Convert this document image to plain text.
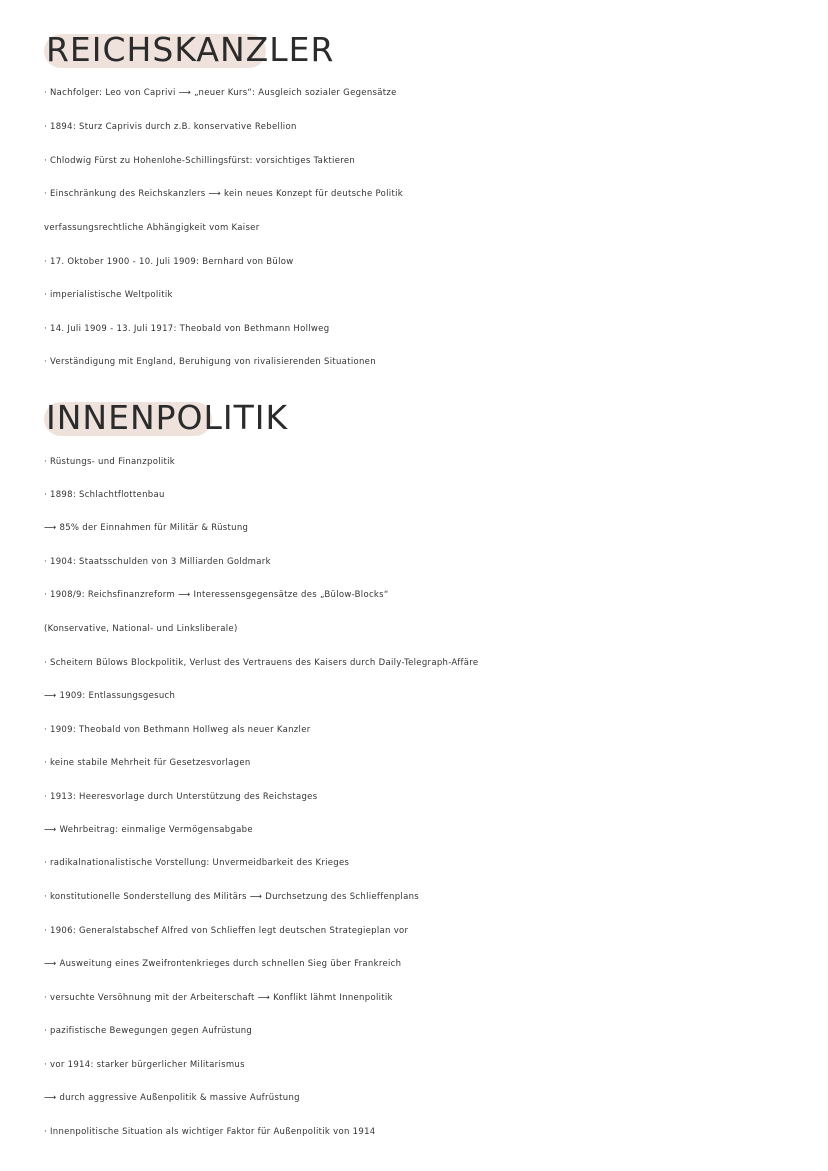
REICHSKANZLER
· Nachfolger: Leo von Caprivi ⟶ „neuer Kurs“: Ausgleich sozialer Gegensätze
· 1894: Sturz Caprivis durch z.B. konservative Rebellion
· Chlodwig Fürst zu Hohenlohe-Schillingsfürst: vorsichtiges Taktieren
· Einschränkung des Reichskanzlers ⟶ kein neues Konzept für deutsche Politik
verfassungsrechtliche Abhängigkeit vom Kaiser
· 17. Oktober 1900 - 10. Juli 1909: Bernhard von Bülow
· imperialistische Weltpolitik
· 14. Juli 1909 - 13. Juli 1917: Theobald von Bethmann Hollweg
· Verständigung mit England, Beruhigung von rivalisierenden Situationen
INNENPOLITIK
· Rüstungs- und Finanzpolitik
· 1898: Schlachtflottenbau
⟶ 85% der Einnahmen für Militär & Rüstung
· 1904: Staatsschulden von 3 Milliarden Goldmark
· 1908/9: Reichsfinanzreform ⟶ Interessensgegensätze des „Bülow-Blocks“
(Konservative, National- und Linksliberale)
· Scheitern Bülows Blockpolitik, Verlust des Vertrauens des Kaisers durch Daily-Telegraph-Affäre
⟶ 1909: Entlassungsgesuch
· 1909: Theobald von Bethmann Hollweg als neuer Kanzler
· keine stabile Mehrheit für Gesetzesvorlagen
· 1913: Heeresvorlage durch Unterstützung des Reichstages
⟶ Wehrbeitrag: einmalige Vermögensabgabe
· radikalnationalistische Vorstellung: Unvermeidbarkeit des Krieges
· konstitutionelle Sonderstellung des Militärs ⟶ Durchsetzung des Schlieffenplans
· 1906: Generalstabschef Alfred von Schlieffen legt deutschen Strategieplan vor
⟶ Ausweitung eines Zweifrontenkrieges durch schnellen Sieg über Frankreich
· versuchte Versöhnung mit der Arbeiterschaft ⟶ Konflikt lähmt Innenpolitik
· pazifistische Bewegungen gegen Aufrüstung
· vor 1914: starker bürgerlicher Militarismus
⟶ durch aggressive Außenpolitik & massive Aufrüstung
· Innenpolitische Situation als wichtiger Faktor für Außenpolitik von 1914
